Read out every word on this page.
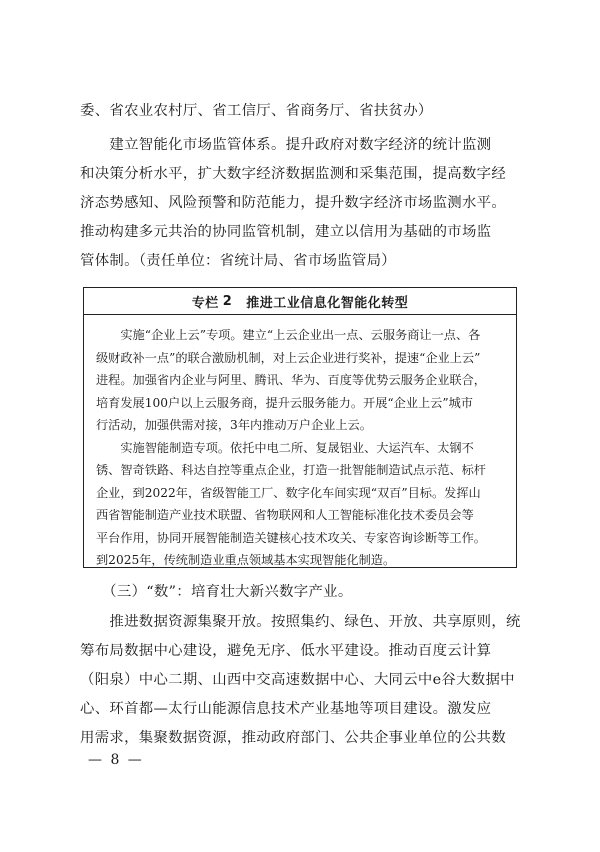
委、省农业农村厅、省工信厅、省商务厅、省扶贫办）

　　建立智能化市场监管体系。提升政府对数字经济的统计监测
和决策分析水平，扩大数字经济数据监测和采集范围，提高数字经
济态势感知、风险预警和防范能力，提升数字经济市场监测水平。
推动构建多元共治的协同监管机制，建立以信用为基础的市场监
管体制。（责任单位：省统计局、省市场监管局）

专栏 2 推进工业信息化智能化转型

　　实施“企业上云”专项。建立“上云企业出一点、云服务商让一点、各
级财政补一点”的联合激励机制，对上云企业进行奖补，提速“企业上云”
进程。加强省内企业与阿里、腾讯、华为、百度等优势云服务企业联合，
培育发展100户以上云服务商，提升云服务能力。开展“企业上云”城市
行活动，加强供需对接，3年内推动万户企业上云。

　　实施智能制造专项。依托中电二所、复晟铝业、大运汽车、太钢不
锈、智奇铁路、科达自控等重点企业，打造一批智能制造试点示范、标杆
企业，到2022年，省级智能工厂、数字化车间实现“双百”目标。发挥山
西省智能制造产业技术联盟、省物联网和人工智能标准化技术委员会等
平台作用，协同开展智能制造关键核心技术攻关、专家咨询诊断等工作。
到2025年，传统制造业重点领域基本实现智能化制造。

　　（三）“数”：培育壮大新兴数字产业。

　　推进数据资源集聚开放。按照集约、绿色、开放、共享原则，统
筹布局数据中心建设，避免无序、低水平建设。推动百度云计算
（阳泉）中心二期、山西中交高速数据中心、大同云中e谷大数据中
心、环首都—太行山能源信息技术产业基地等项目建设。激发应
用需求，集聚数据资源，推动政府部门、公共企事业单位的公共数

— 8 —
